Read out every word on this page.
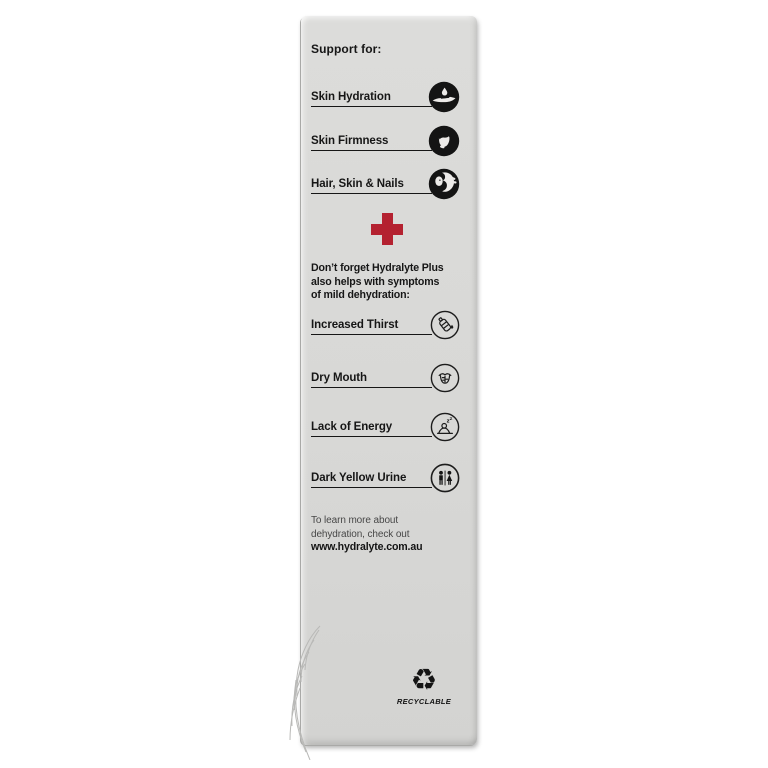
Support for:
Skin Hydration
Skin Firmness
Hair, Skin & Nails
Don’t forget Hydralyte Plus
also helps with symptoms
of mild dehydration:
Increased Thirst
Dry Mouth
Lack of Energy	z
Z
Dark Yellow Urine
To learn more about
dehydration, check out
www.hydralyte.com.au
♻
RECYCLABLE
